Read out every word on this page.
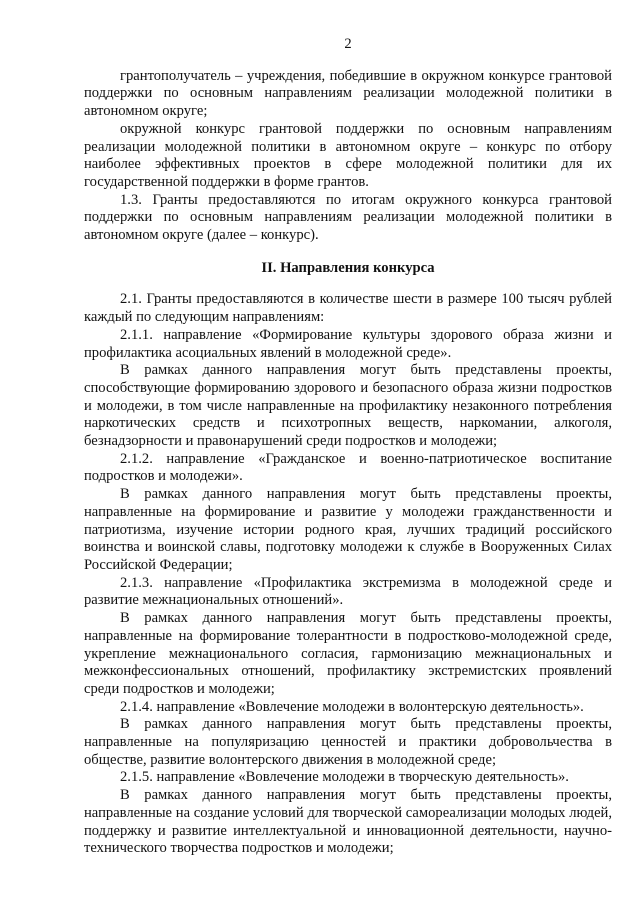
2

грантополучатель – учреждения, победившие в окружном конкурсе грантовой поддержки по основным направлениям реализации молодежной политики в автономном округе;

окружной конкурс грантовой поддержки по основным направлениям реализации молодежной политики в автономном округе – конкурс по отбору наиболее эффективных проектов в сфере молодежной политики для их государственной поддержки в форме грантов.

1.3. Гранты предоставляются по итогам окружного конкурса грантовой поддержки по основным направлениям реализации молодежной политики в автономном округе (далее – конкурс).

II. Направления конкурса

2.1. Гранты предоставляются в количестве шести в размере 100 тысяч рублей каждый по следующим направлениям:

2.1.1. направление «Формирование культуры здорового образа жизни и профилактика асоциальных явлений в молодежной среде».

В рамках данного направления могут быть представлены проекты, способствующие формированию здорового и безопасного образа жизни подростков и молодежи, в том числе направленные на профилактику незаконного потребления наркотических средств и психотропных веществ, наркомании, алкоголя, безнадзорности и правонарушений среди подростков и молодежи;

2.1.2. направление «Гражданское и военно-патриотическое воспитание подростков и молодежи».

В рамках данного направления могут быть представлены проекты, направленные на формирование и развитие у молодежи гражданственности и патриотизма, изучение истории родного края, лучших традиций российского воинства и воинской славы, подготовку молодежи к службе в Вооруженных Силах Российской Федерации;

2.1.3. направление «Профилактика экстремизма в молодежной среде и развитие межнациональных отношений».

В рамках данного направления могут быть представлены проекты, направленные на формирование толерантности в подростково-молодежной среде, укрепление межнационального согласия, гармонизацию межнациональных и межконфессиональных отношений, профилактику экстремистских проявлений среди подростков и молодежи;

2.1.4. направление «Вовлечение молодежи в волонтерскую деятельность».

В рамках данного направления могут быть представлены проекты, направленные на популяризацию ценностей и практики добровольчества в обществе, развитие волонтерского движения в молодежной среде;

2.1.5. направление «Вовлечение молодежи в творческую деятельность».

В рамках данного направления могут быть представлены проекты, направленные на создание условий для творческой самореализации молодых людей, поддержку и развитие интеллектуальной и инновационной деятельности, научно-технического творчества подростков и молодежи;
